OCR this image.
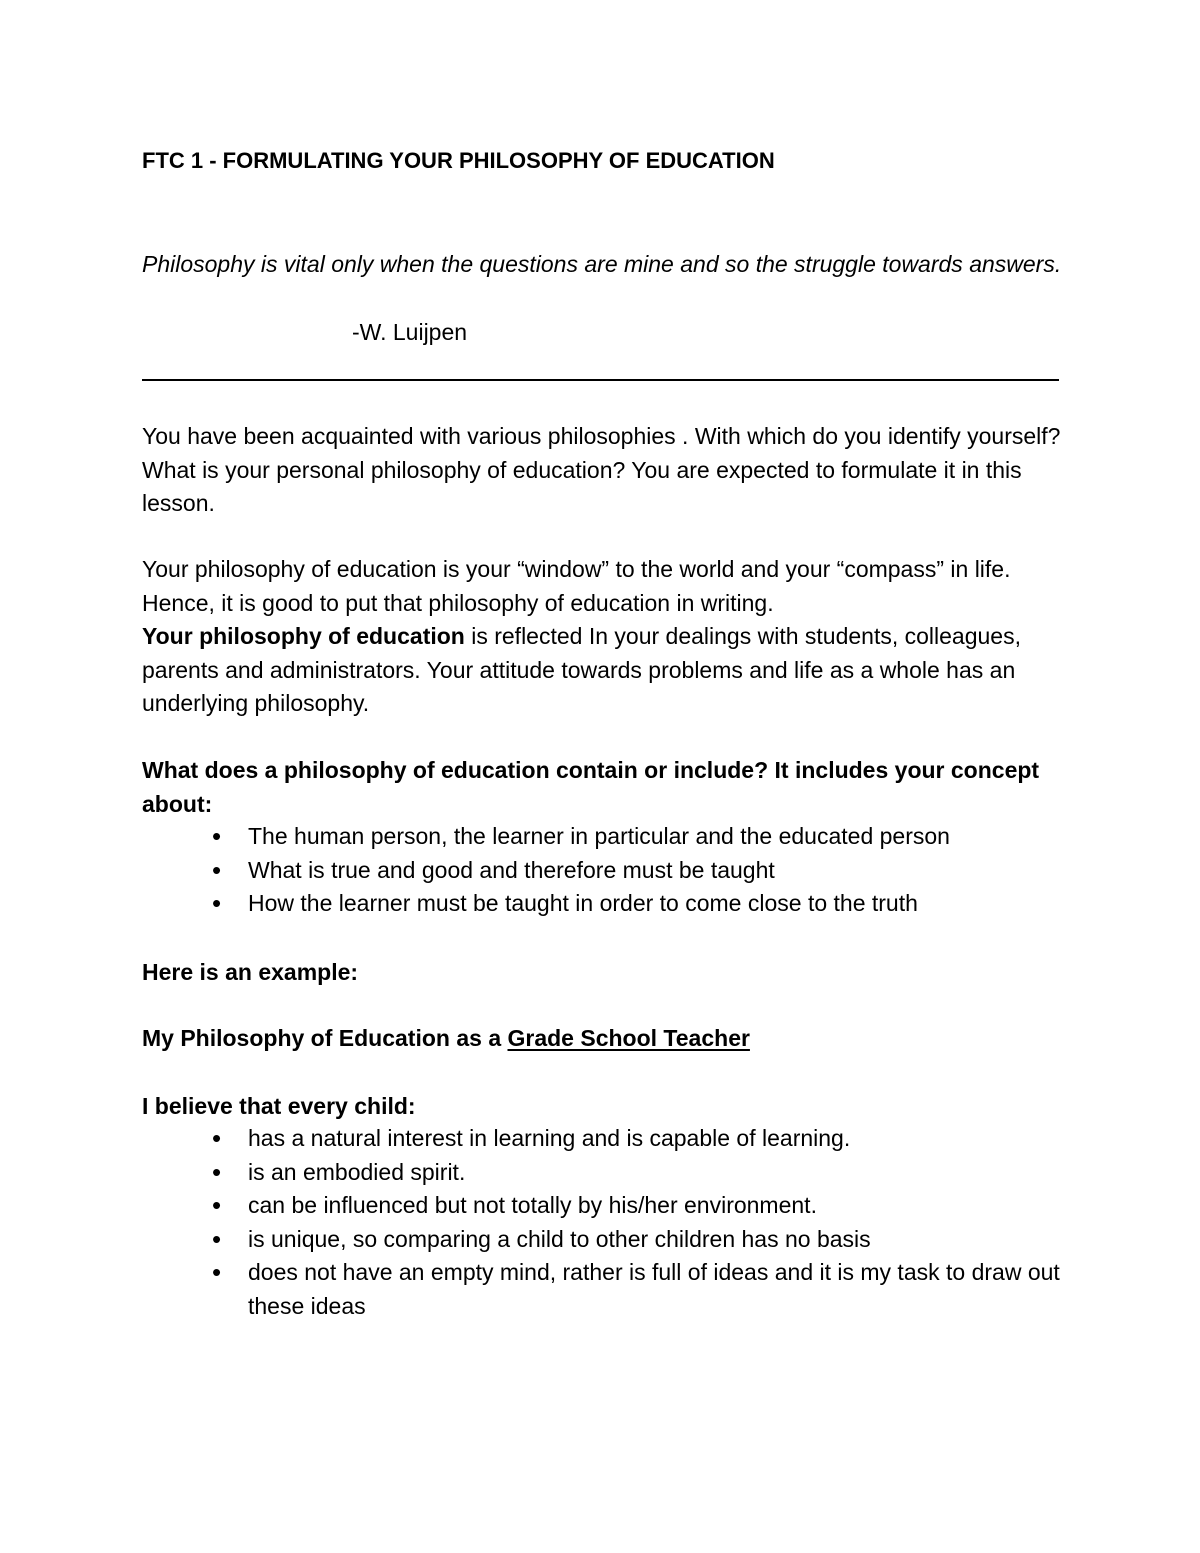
FTC 1 - FORMULATING YOUR PHILOSOPHY OF EDUCATION

Philosophy is vital only when the questions are mine and so the struggle towards answers.

-W. Luijpen

You have been acquainted with various philosophies . With which do you identify yourself? What is your personal philosophy of education? You are expected to formulate it in this lesson.

Your philosophy of education is your “window” to the world and your “compass” in life. Hence, it is good to put that philosophy of education in writing.
Your philosophy of education is reflected In your dealings with students, colleagues, parents and administrators. Your attitude towards problems and life as a whole has an underlying philosophy.

What does a philosophy of education contain or include? It includes your concept about:

• The human person, the learner in particular and the educated person
• What is true and good and therefore must be taught
• How the learner must be taught in order to come close to the truth

Here is an example:

My Philosophy of Education as a Grade School Teacher

I believe that every child:

• has a natural interest in learning and is capable of learning.
• is an embodied spirit.
• can be influenced but not totally by his/her environment.
• is unique, so comparing a child to other children has no basis
• does not have an empty mind, rather is full of ideas and it is my task to draw out these ideas
